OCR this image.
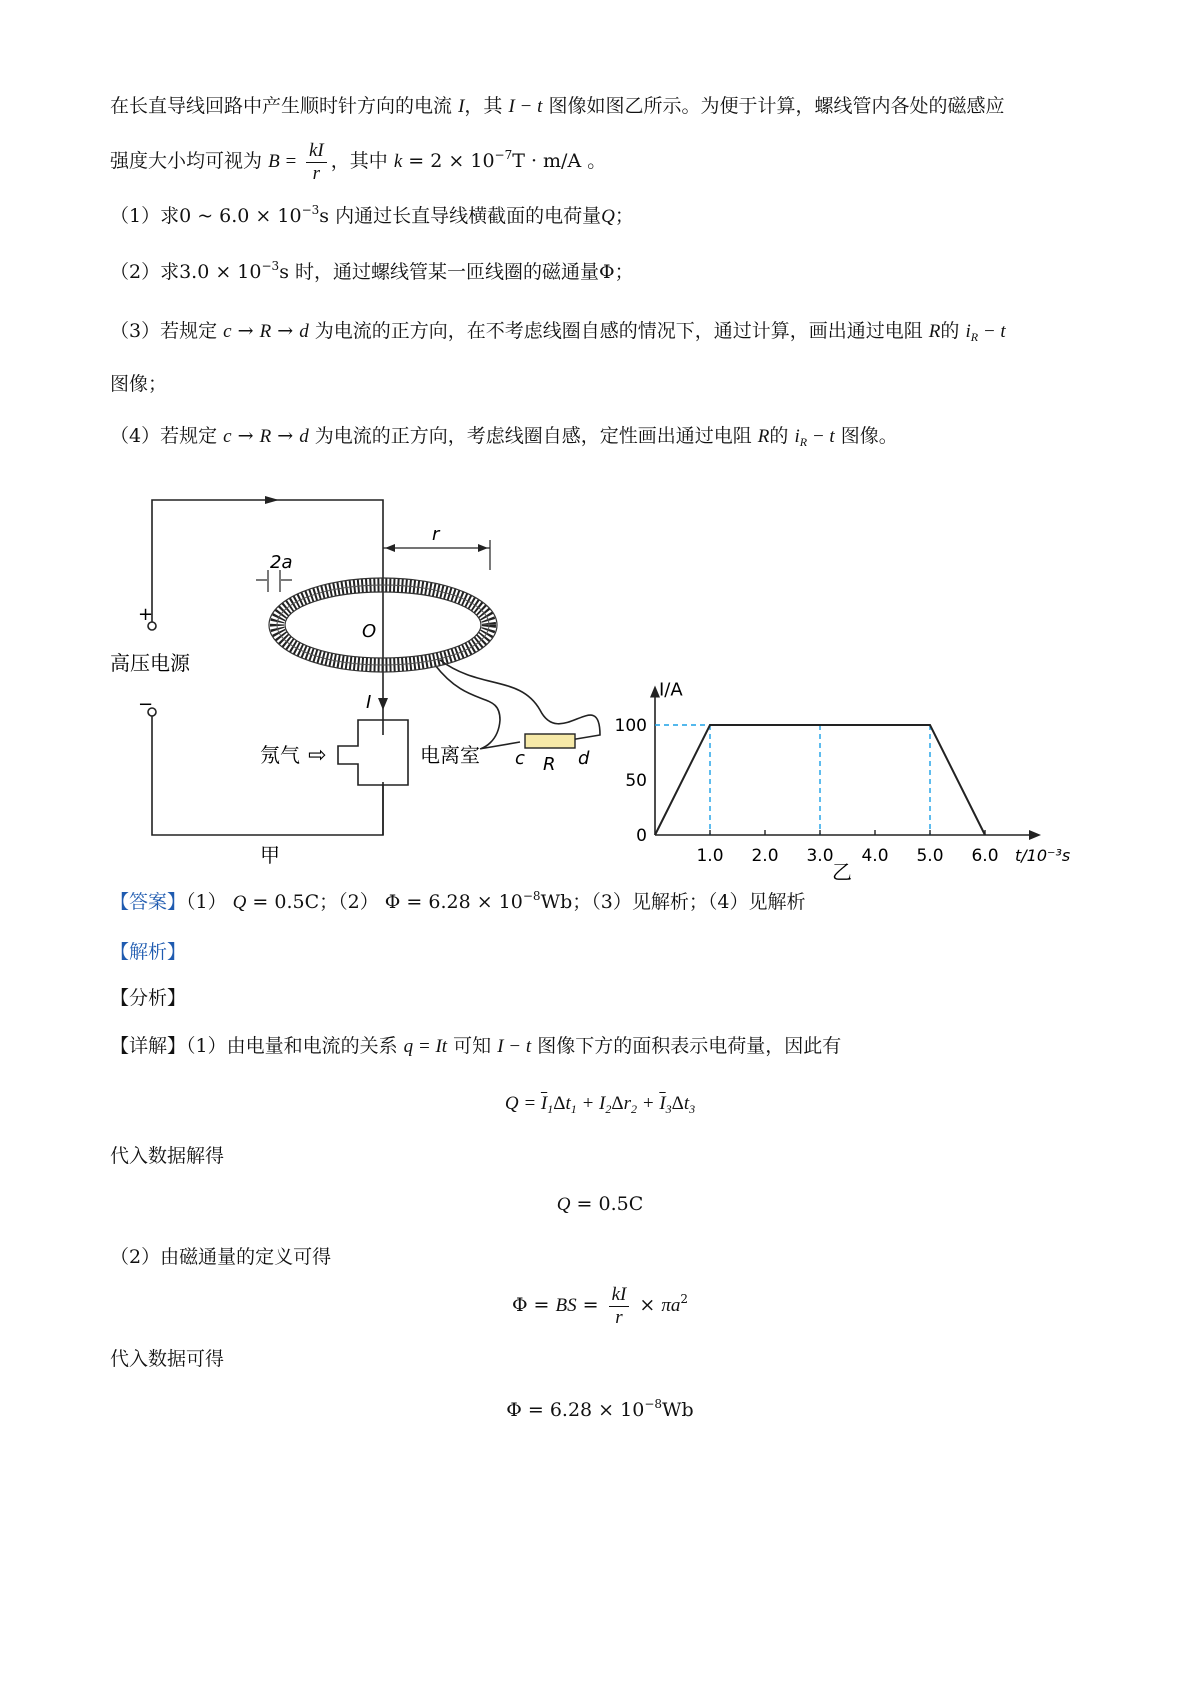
在长直导线回路中产生顺时针方向的电流 I，其 I − t 图像如图乙所示。为便于计算，螺线管内各处的磁感应
强度大小均可视为 $B = \frac{kI}{r}$ ，其中 $k = 2 \times 10^{-7}T \cdot m/A$ 。
（1）求0 ~ $6.0 \times 10^{-3}s$ 内通过长直导线横截面的电荷量Q；
（2）求$3.0 \times 10^{-3}s$ 时，通过螺线管某一匝线圈的磁通量Φ；
（3）若规定 c → R → d 为电流的正方向，在不考虑线圈自感的情况下，通过计算，画出通过电阻 R的 $i_R - t$
图像；
（4）若规定 c → R → d 为电流的正方向，考虑线圈自感，定性画出通过电阻 R的 $i_R - t$ 图像。
+
−
高压电源
2a
r
O
I
氖气 ⇨	电离室 c R d
甲	1.0 2.0 3.0 4.0 5.0 6.0
0
50
100
I/A
t/10⁻³s
乙
【答案】（1） Q = 0.5C；（2） $\Phi = 6.28 \times 10^{-8}Wb$；（3）见解析；（4）见解析
【解析】
【分析】
【详解】（1）由电量和电流的关系 q = It 可知 I − t 图像下方的面积表示电荷量，因此有
$Q = \overline{I}_1\Delta t_1 + I_2\Delta r_2 + \overline{I}_3\Delta t_3$
代入数据解得
Q = 0.5C
（2）由磁通量的定义可得
Φ = BS = $\frac{kI}{r} \times \pi a^2$
代入数据可得
$\Phi = 6.28 \times 10^{-8}Wb$
